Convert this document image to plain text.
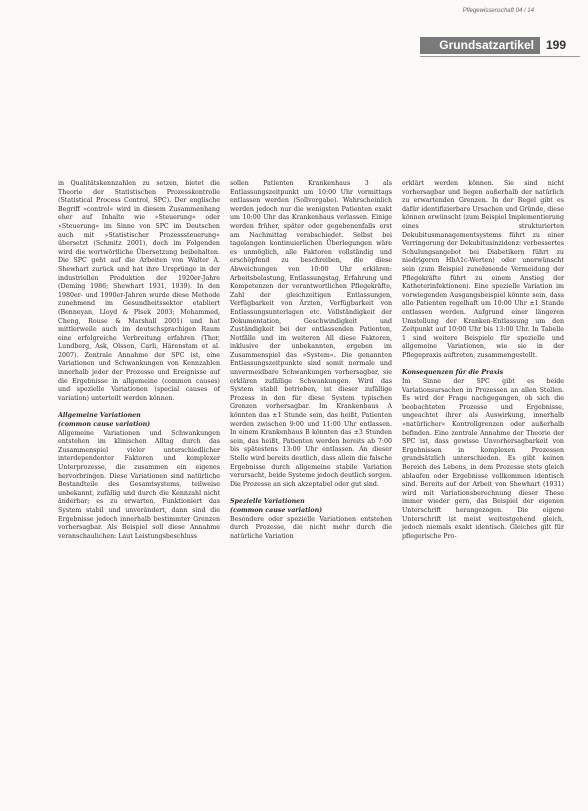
Pflegewissenschaft 04 / 14
Grundsatzartikel	199

in Qualitätskennzahlen zu setzen, bietet die Theorie der Statistischen Prozesskontrolle (Statistical Process Control, SPC). Der englische Begriff »control« wird in diesem Zusammenhang eher auf Inhalte wie »Steuerung« oder »Steuerung« im Sinne von SPC im Deutschen auch mit »Statistischer Prozesssteuerung« übersetzt (Schmitz 2001), doch im Folgenden wird die wortwörtliche Übersetzung beibehalten. Die SPC geht auf die Arbeiten von Walter A. Shewhart zurück und hat ihre Ursprünge in der industriellen Produktion der 1920er-Jahre (Deming 1986; Shewhart 1931, 1939). In den 1980er- und 1990er-Jahren wurde diese Methode zunehmend im Gesundheitssektor etabliert (Benneyan, Lloyd & Plsek 2003; Mohammed, Cheng, Rouse & Marshall 2001) und hat mittlerweile auch im deutschsprachigen Raum eine erfolgreiche Verbreitung erfahren (Thor, Lundberg, Ask, Olsson, Carli, Härenstam et al. 2007). Zentrale Annahme der SPC ist, eine Variationen und Schwankungen von Kennzahlen innerhalb jeder der Prozesse und Ereignisse auf die Ergebnisse in allgemeine (common causes) und spezielle Variationen (special causes of variation) unterteilt werden können.

Allgemeine Variationen

(common cause variation)

Allgemeine Variationen und Schwankungen entstehen im klinischen Alltag durch das Zusammenspiel vieler unterschiedlicher interdependenter Faktoren und komplexer Unterprozesse, die zusammen ein eigenes hervorbringen. Diese Variationen sind natürliche Bestandteile des Gesamtsystems, teilweise unbekannt, zufällig und durch die Kennzahl nicht änderbar; es zu erwarten. Funktioniert das System stabil und unverändert, dann sind die Ergebnisse jedoch innerhalb bestimmter Grenzen vorhersagbar. Als Beispiel soll diese Annahme veranschaulichen: Laut Leistungsbeschluss

sollen Patienten Krankenhaus 3 als Entlassungszeitpunkt um 10:00 Uhr vormittags entlassen werden (Sollvorgabe). Wahrscheinlich werden jedoch nur die wenigsten Patienten exakt um 10:00 Uhr das Krankenhaus verlassen. Einige werden früher, später oder gegebenenfalls erst am Nachmittag verabschiedet. Selbst bei tagelangen kontinuierlichen Überlegungen wäre es unmöglich, alle Faktoren vollständig und erschöpfend zu beschreiben, die diese Abweichungen von 10:00 Uhr erklären: Arbeitsbelastung, Entlassungstag, Erfahrung und Kompetenzen der verantwortlichen Pflegekräfte, Zahl der gleichzeitigen Entlassungen, Verfügbarkeit von Ärzten, Verfügbarkeit von Entlassungsunterlagen etc. Vollständigkeit der Dokumentation, Geschwindigkeit und Zuständigkeit bei der entlassenden Patienten, Notfälle und im weiteren All diese Faktoren, inklusive der unbekannten, ergeben im Zusammenspiel das »System«. Die genannten Entlassungszeitpunkte sind somit normale und unvermeidbare Schwankungen vorhersagbar, sie erklären zufällige Schwankungen. Wird das System stabil betrieben, ist dieser zufällige Prozess in den für diese System typischen Grenzen vorhersagbar. Im Krankenhaus A könnten das ±1 Stunde sein, das heißt, Patienten werden zwischen 9:00 und 11:00 Uhr entlassen. In einem Krankenhaus B könnten das ±3 Stunden sein, das heißt, Patienten werden bereits ab 7:00 bis spätestens 13:00 Uhr entlassen. An dieser Stelle wird bereits deutlich, dass allein die falsche Ergebnisse durch allgemeine stabile Variation verursacht, beide Systeme jedoch deutlich sorgen. Die Prozesse an sich akzeptabel oder gut sind.

Spezielle Variationen

(common cause variation)

Besondere oder spezielle Variationen entstehen durch Prozesse, die nicht mehr durch die natürliche Variation

erklärt werden können. Sie sind nicht vorhersagbar und liegen außerhalb der natürlich zu erwartenden Grenzen. In der Regel gibt es dafür identifizierbare Ursachen und Gründe, diese können erwünscht (zum Beispiel Implementierung eines strukturierten Dekubitusmanagementsystems führt zu einer Verringerung der Dekubitusinzidenz: verbessertes Schulungsangebot bei Diabetikern führt zu niedrigeren HbA1c-Werten) oder unerwünscht sein (zum Beispiel zunehmende Vermeidung der Pflegekräfte führt zu einem Anstieg der Katheterinfektionen). Eine spezielle Variation im vorwiegenden Ausgangsbeispiel könnte sein, dass alle Patienten regelhaft um 10:00 Uhr ±1 Stunde entlassen werden. Aufgrund einer längeren Umstellung der Kranken-Entlassung um den Zeitpunkt auf 10:00 Uhr bis 13:00 Uhr. In Tabelle 1 sind weitere Beispiele für spezielle und allgemeine Variationen, wie sie in der Pflegepraxis auftreten, zusammengestellt.

Konsequenzen für die Praxis

Im Sinne der SPC gibt es beide Variationsursachen in Prozessen an allen Stellen. Es wird der Frage nachgegangen, ob sich die beobachteten Prozesse und Ergebnisse, ungeachtet ihrer als Auswirkung, innerhalb »natürlicher« Kontrollgrenzen oder außerhalb befinden. Eine zentrale Annahme der Theorie der SPC ist, dass gewisse Unvorhersagbarkeit von Ergebnissen in komplexen Prozessen grundsätzlich unterschieden. Es gibt keinen Bereich des Lebens, in dem Prozesse stets gleich ablaufen oder Ergebnisse vollkommen identisch sind. Bereits auf der Arbeit von Shewhart (1931) wird mit Variationsberechnung dieser These immer wieder gern, das Beispiel der eigenen Unterschrift herangezogen. Die eigene Unterschrift ist meist weitestgehend gleich, jedoch niemals exakt identisch. Gleiches gilt für pflegerische Pro-
